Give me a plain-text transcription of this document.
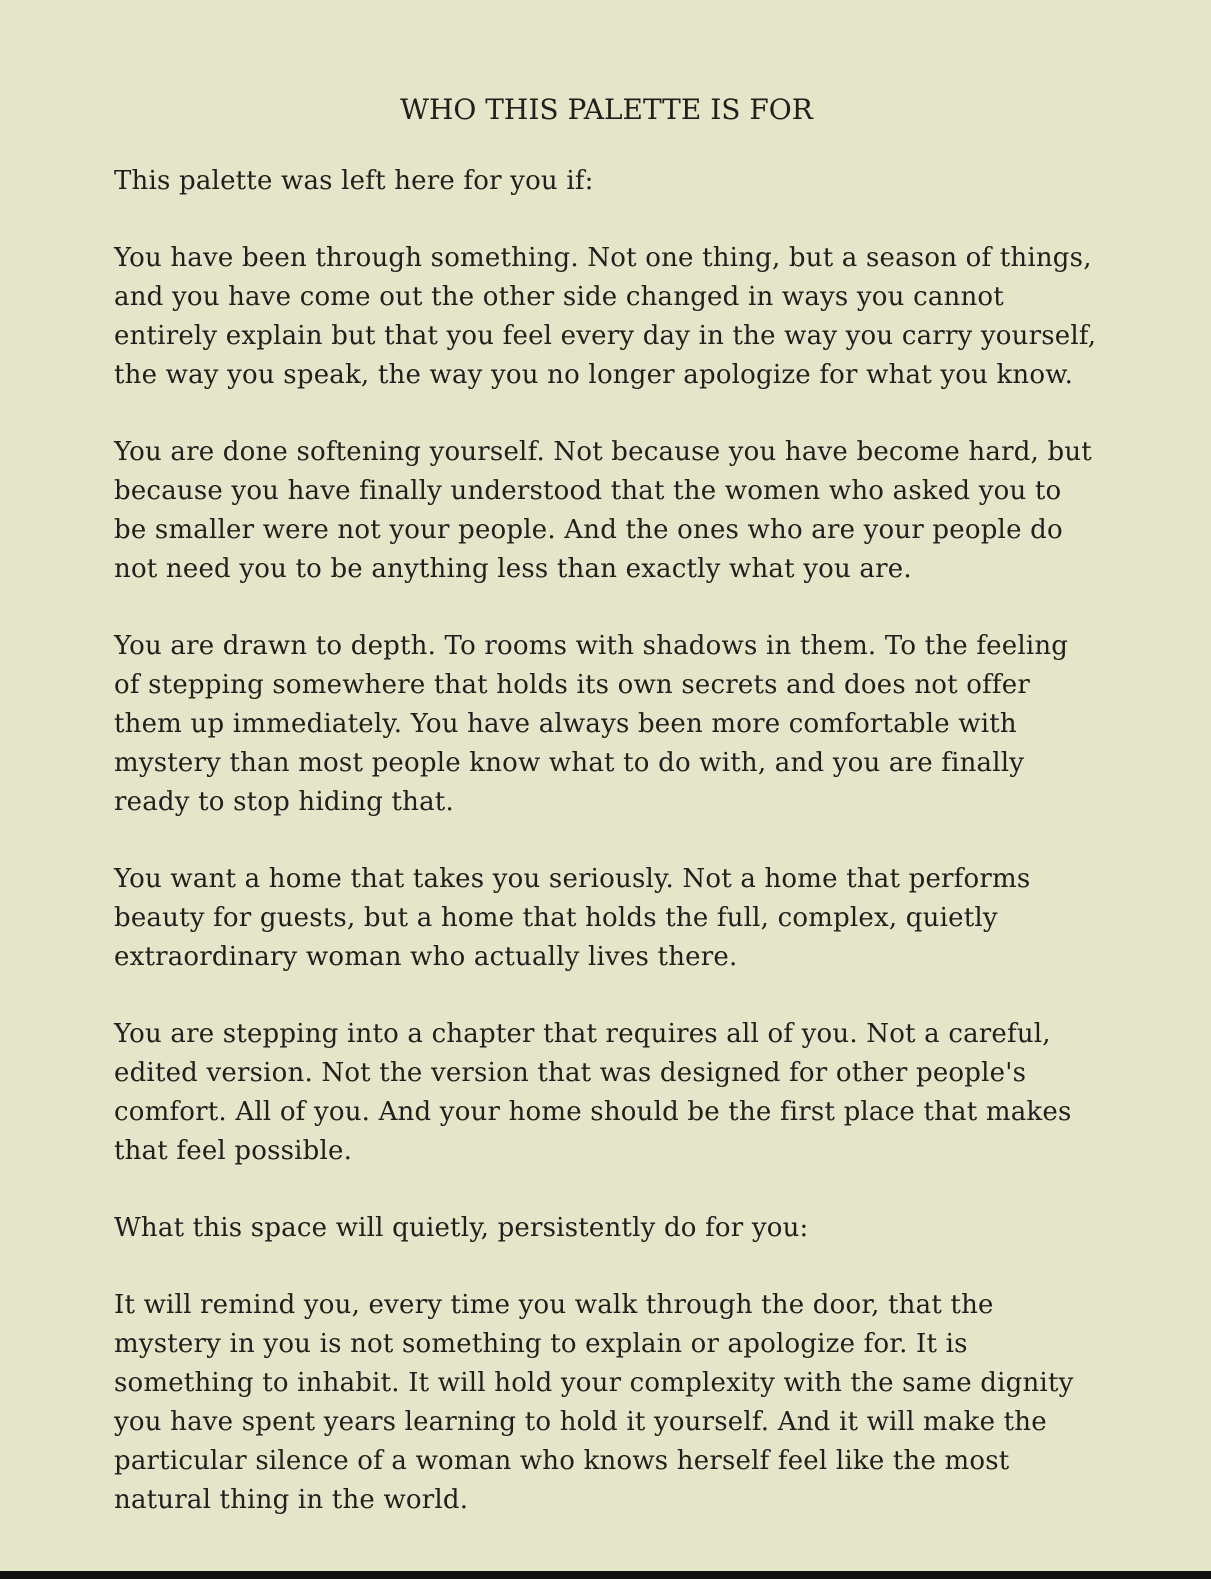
WHO THIS PALETTE IS FOR

This palette was left here for you if:

You have been through something. Not one thing, but a season of things, and you have come out the other side changed in ways you cannot entirely explain but that you feel every day in the way you carry yourself, the way you speak, the way you no longer apologize for what you know.

You are done softening yourself. Not because you have become hard, but because you have finally understood that the women who asked you to be smaller were not your people. And the ones who are your people do not need you to be anything less than exactly what you are.

You are drawn to depth. To rooms with shadows in them. To the feeling of stepping somewhere that holds its own secrets and does not offer them up immediately. You have always been more comfortable with mystery than most people know what to do with, and you are finally ready to stop hiding that.

You want a home that takes you seriously. Not a home that performs beauty for guests, but a home that holds the full, complex, quietly extraordinary woman who actually lives there.

You are stepping into a chapter that requires all of you. Not a careful, edited version. Not the version that was designed for other people's comfort. All of you. And your home should be the first place that makes that feel possible.

What this space will quietly, persistently do for you:

It will remind you, every time you walk through the door, that the mystery in you is not something to explain or apologize for. It is something to inhabit. It will hold your complexity with the same dignity you have spent years learning to hold it yourself. And it will make the particular silence of a woman who knows herself feel like the most natural thing in the world.
